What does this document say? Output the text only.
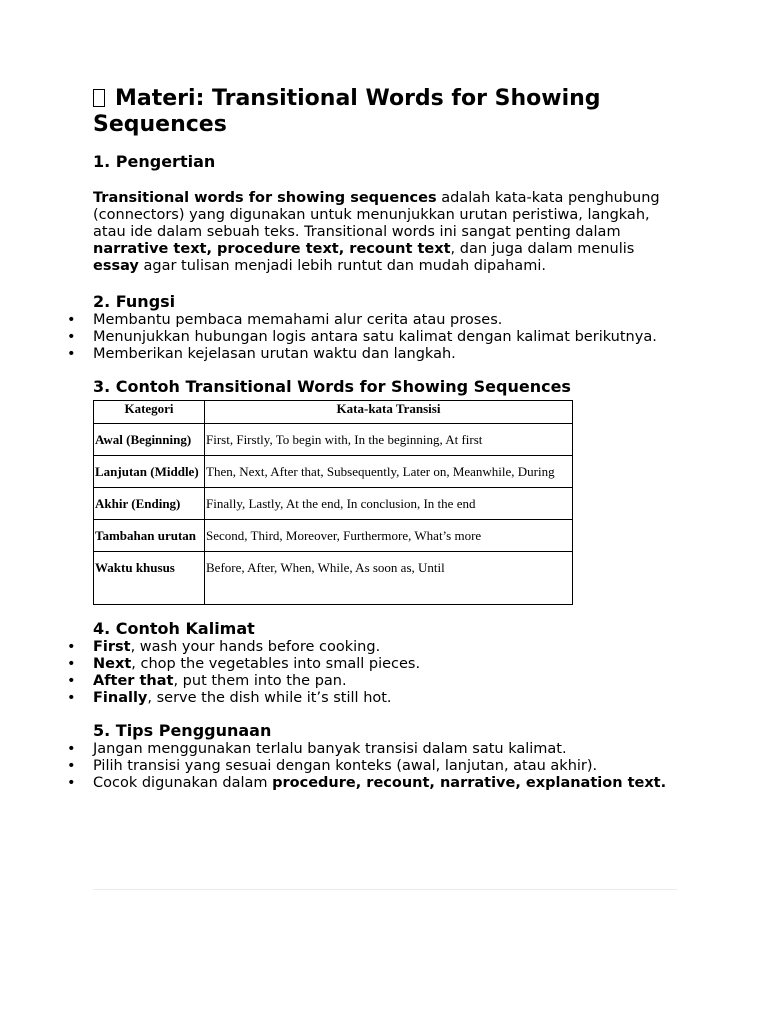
Materi: Transitional Words for Showing Sequences
1. Pengertian

Transitional words for showing sequences adalah kata-kata penghubung (connectors) yang digunakan untuk menunjukkan urutan peristiwa, langkah, atau ide dalam sebuah teks. Transitional words ini sangat penting dalam narrative text, procedure text, recount text, dan juga dalam menulis essay agar tulisan menjadi lebih runtut dan mudah dipahami.

2. Fungsi
• Membantu pembaca memahami alur cerita atau proses.
• Menunjukkan hubungan logis antara satu kalimat dengan kalimat berikutnya.
• Memberikan kejelasan urutan waktu dan langkah.
3. Contoh Transitional Words for Showing Sequences
Kategori	Kata-kata Transisi
Awal (Beginning)	First, Firstly, To begin with, In the beginning, At first
Lanjutan (Middle)	Then, Next, After that, Subsequently, Later on, Meanwhile, During
Akhir (Ending)	Finally, Lastly, At the end, In conclusion, In the end
Tambahan urutan	Second, Third, Moreover, Furthermore, What’s more
Waktu khusus	Before, After, When, While, As soon as, Until
4. Contoh Kalimat
• First, wash your hands before cooking.
• Next, chop the vegetables into small pieces.
• After that, put them into the pan.
• Finally, serve the dish while it’s still hot.
5. Tips Penggunaan
• Jangan menggunakan terlalu banyak transisi dalam satu kalimat.
• Pilih transisi yang sesuai dengan konteks (awal, lanjutan, atau akhir).
• Cocok digunakan dalam procedure, recount, narrative, explanation text.
